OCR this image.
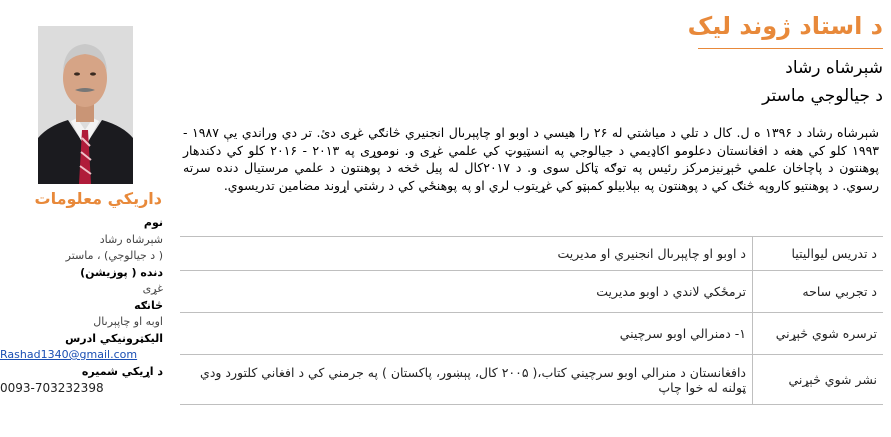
داريکي معلومات
نوم
شېرشاه رشاد
( د جيالوجي) ، ماستر
دنده ( پوزيشن)
غړی
څانګه
اوبه او چاپېرىال
اليکټرونيکي ادرس
Rashad1340@gmail.com
د اړيکي شميره
0093-703232398
د استاد ژوند ليک
شېرشاه رشاد
د جيالوجي ماستر
شېرشاه رشاد د ۱۳۹۶ ه ل. کال د تلي د مياشتي له ۲۶ را هيسي د اوبو او چاپېرىال انجنيري څانګي غړی دئ. تر دي وراندي يې ۱۹۸۷ - ۱۹۹۳ کلو کي هغه د افغانستان دعلومو اکاډيمي د جيالوجي په انسټيوټ کي علمي غړی و. نوموړی په ۲۰۱۳ - ۲۰۱۶ کلو کي دکندهار پوهنتون د پاچاخان علمي څېړنيزمرکز رئيس په توګه ټاکل سوی و. د ۲۰۱۷کال له پيل څخه د پوهنتون د علمي مرستيال دنده سرته رسوي. د پوهنتيو کاروپه څنګ کي د پوهنتون په بېلابيلو کمېټو کي غړيتوب لري او په پوهنځي کي د رشتي اړوند مضامين تدريسوي.
د تدريس ليواليتيا	د اوبو او چاپېرىال انجنيري او مديريت
د تجربي ساحه	ترمځکي لاندي د اوبو مديريت
ترسره شوي څېړني	۱- دمنرالي اوبو سرچيني
نشر شوي څېړني	دافغانستان د منرالي اوبو سرچيني کتاب،( ۲۰۰۵ کال، پېښور، پاکستان ) په جرمني کي د افغاني کلتورد ودي ټولنه له خوا چاپ
